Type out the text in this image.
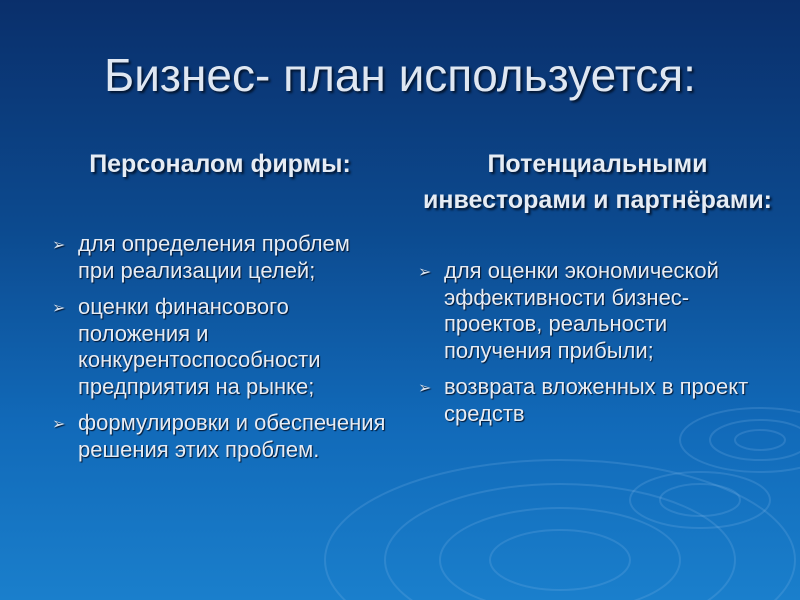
Бизнес- план используется:
Персоналом фирмы:
➢ для определения проблем при реализации целей;
➢ оценки финансового положения и конкурентоспособности предприятия на рынке;
➢ формулировки и обеспечения решения этих проблем.
Потенциальными инвесторами и партнёрами:
➢ для оценки экономической эффективности бизнес-проектов, реальности получения прибыли;
➢ возврата вложенных в проект средств
